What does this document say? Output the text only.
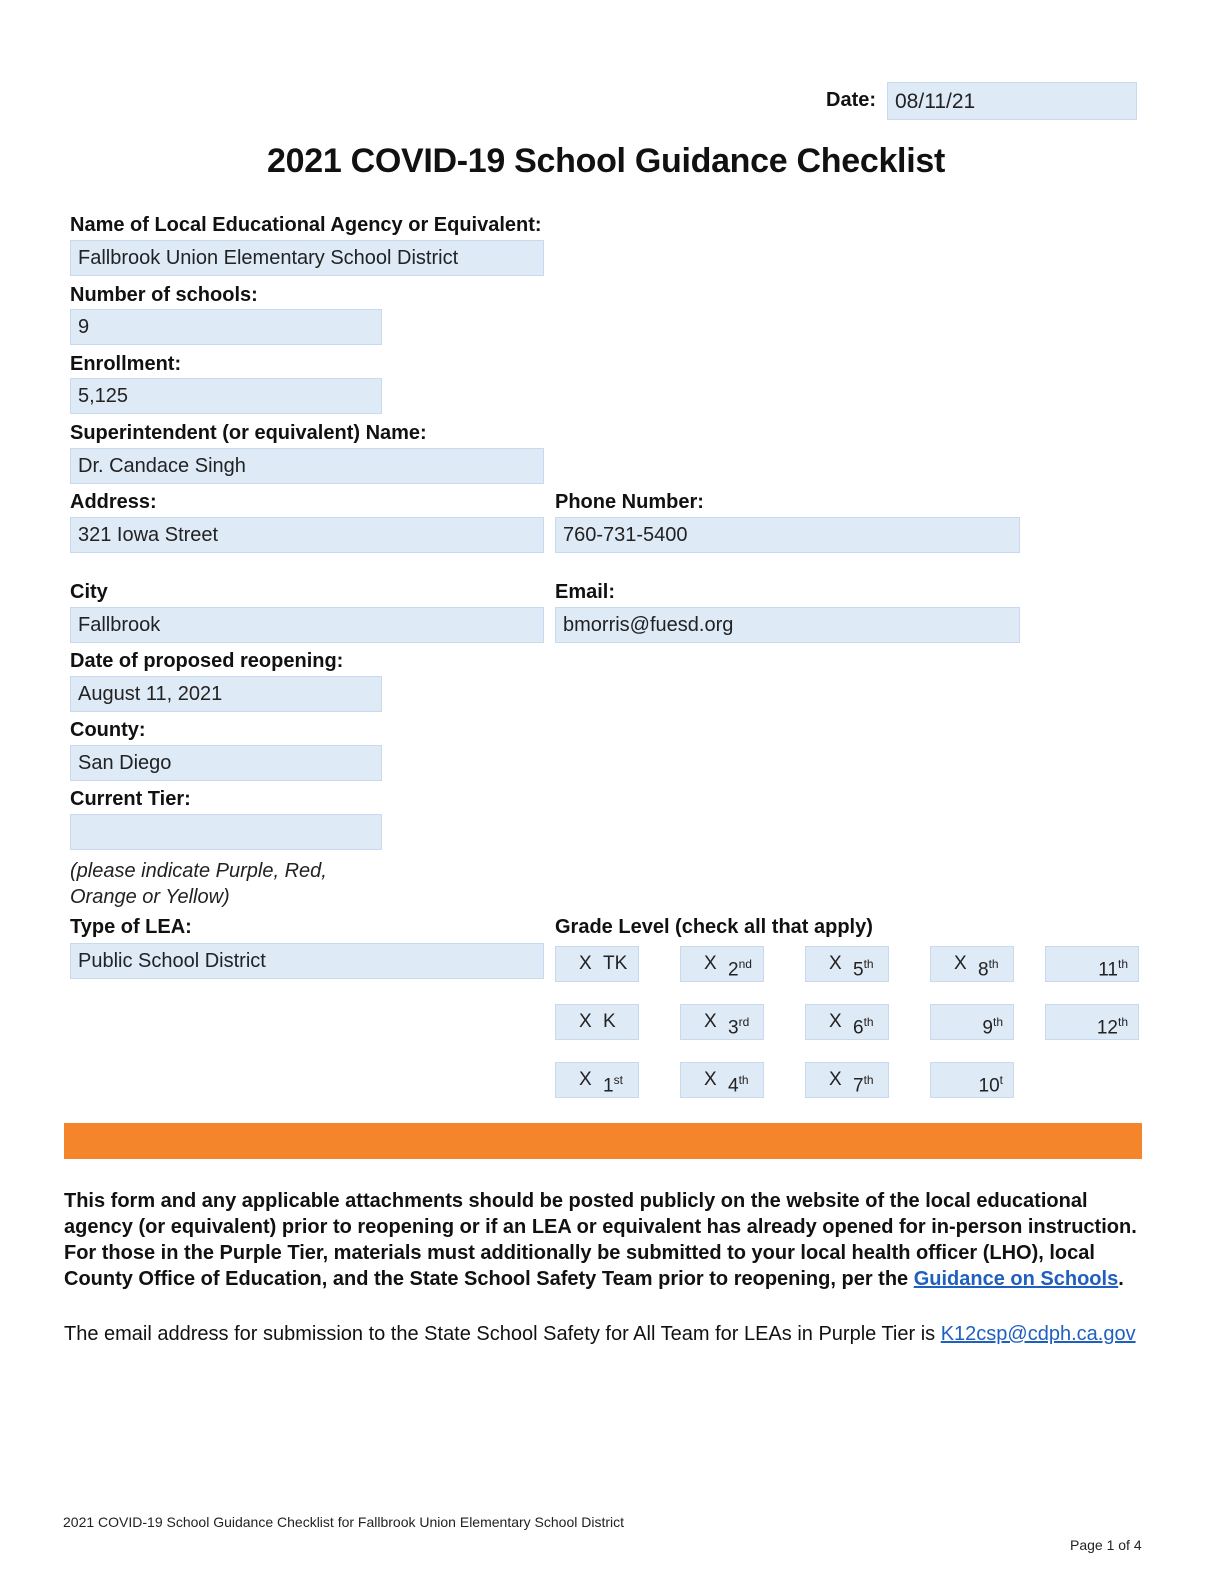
Date: 08/11/21
2021 COVID-19 School Guidance Checklist
Name of Local Educational Agency or Equivalent:
Fallbrook Union Elementary School District
Number of schools:
9
Enrollment:
5,125
Superintendent (or equivalent) Name:
Dr. Candace Singh
Address:
321 Iowa Street
Phone Number:
760-731-5400
City
Fallbrook
Email:
bmorris@fuesd.org
Date of proposed reopening:
August 11, 2021
County:
San Diego
Current Tier:
(please indicate Purple, Red,
Orange or Yellow)
Type of LEA:
Public School District
Grade Level (check all that apply)
X TK	X 2nd	X 5th	X 8th	11th
X K	X 3rd	X 6th	9th	12th
X 1st	X 4th	X 7th	10$^t$
This form and any applicable attachments should be posted publicly on the website of the local educational agency (or equivalent) prior to reopening or if an LEA or equivalent has already opened for in-person instruction. For those in the Purple Tier, materials must additionally be submitted to your local health officer (LHO), local County Office of Education, and the State School Safety Team prior to reopening, per the Guidance on Schools.
The email address for submission to the State School Safety for All Team for LEAs in Purple Tier is K12csp@cdph.ca.gov
2021 COVID-19 School Guidance Checklist for Fallbrook Union Elementary School District
Page 1 of 4
